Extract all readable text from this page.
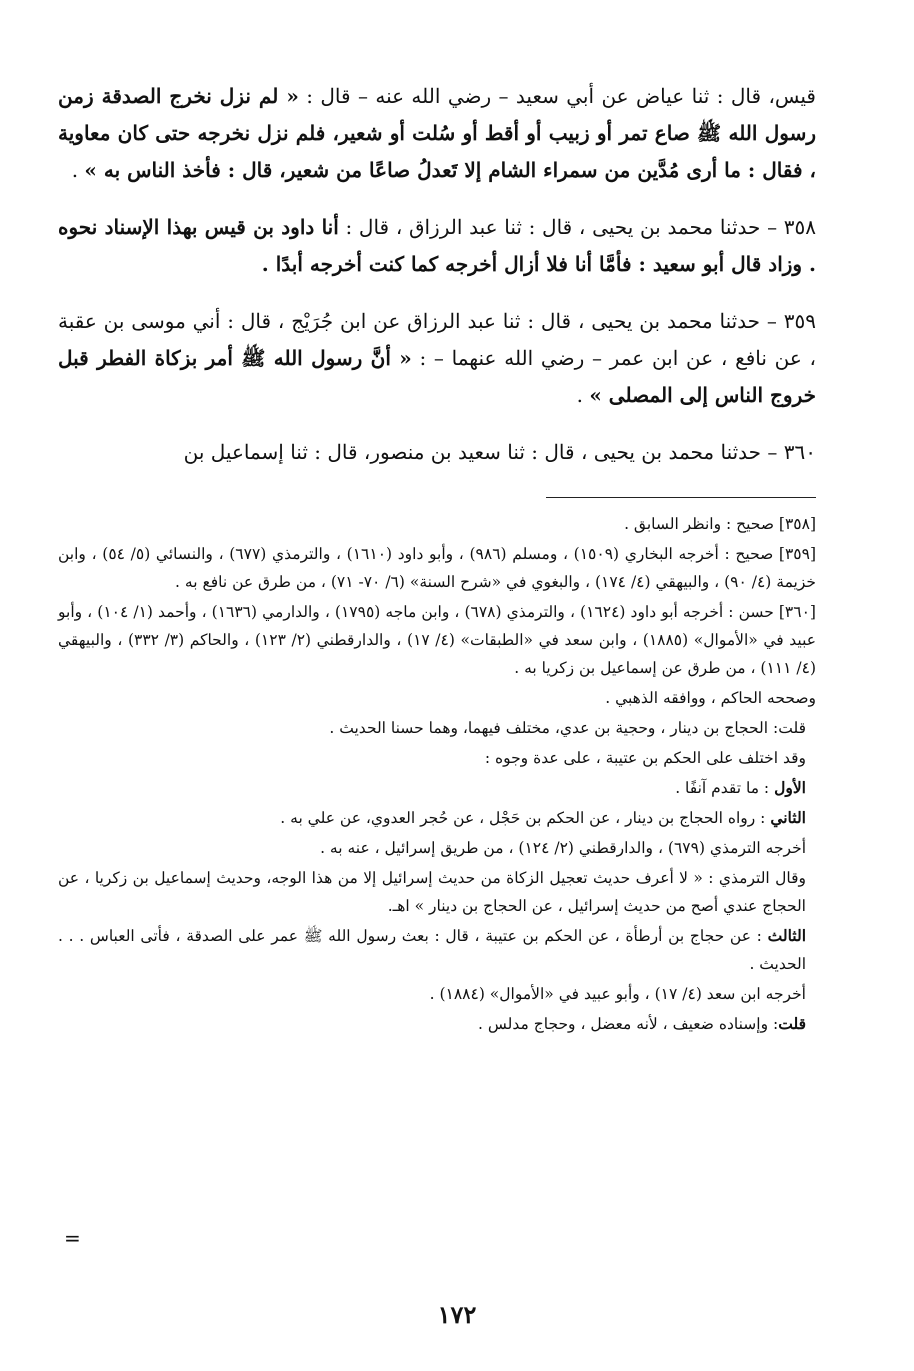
قيس، قال : ثنا عياض عن أبي سعيد – رضي الله عنه – قال : « لم نزل نخرج الصدقة زمن رسول الله ﷺ صاع تمر أو زبيب أو أقط أو سُلت أو شعير، فلم نزل نخرجه حتى كان معاوية ، فقال : ما أرى مُدَّين من سمراء الشام إلا تَعدلُ صاعًا من شعير، قال : فأخذ الناس به » .

٣٥٨ – حدثنا محمد بن يحيى ، قال : ثنا عبد الرزاق ، قال : أنا داود بن قيس بهذا الإسناد نحوه . وزاد قال أبو سعيد : فأمَّا أنا فلا أزال أخرجه كما كنت أخرجه أبدًا .

٣٥٩ – حدثنا محمد بن يحيى ، قال : ثنا عبد الرزاق عن ابن جُرَيْج ، قال : أني موسى بن عقبة ، عن نافع ، عن ابن عمر – رضي الله عنهما – : « أنَّ رسول الله ﷺ أمر بزكاة الفطر قبل خروج الناس إلى المصلى » .

٣٦٠ – حدثنا محمد بن يحيى ، قال : ثنا سعيد بن منصور، قال : ثنا إسماعيل بن

[٣٥٨] صحيح : وانظر السابق .

[٣٥٩] صحيح : أخرجه البخاري (١٥٠٩) ، ومسلم (٩٨٦) ، وأبو داود (١٦١٠) ، والترمذي (٦٧٧) ، والنسائي (٥/ ٥٤) ، وابن خزيمة (٤/ ٩٠) ، والبيهقي (٤/ ١٧٤) ، والبغوي في «شرح السنة» (٦/ ٧٠- ٧١) ، من طرق عن نافع به .

[٣٦٠] حسن : أخرجه أبو داود (١٦٢٤) ، والترمذي (٦٧٨) ، وابن ماجه (١٧٩٥) ، والدارمي (١٦٣٦) ، وأحمد (١/ ١٠٤) ، وأبو عبيد في «الأموال» (١٨٨٥) ، وابن سعد في «الطبقات» (٤/ ١٧) ، والدارقطني (٢/ ١٢٣) ، والحاكم (٣/ ٣٣٢) ، والبيهقي (٤/ ١١١) ، من طرق عن إسماعيل بن زكريا به .

وصححه الحاكم ، ووافقه الذهبي .

قلت: الحجاج بن دينار ، وحجية بن عدي، مختلف فيهما، وهما حسنا الحديث .

وقد اختلف على الحكم بن عتيبة ، على عدة وجوه :

الأول : ما تقدم آنفًا .

الثاني : رواه الحجاج بن دينار ، عن الحكم بن حَجْل ، عن حُجر العدوي، عن علي به .

أخرجه الترمذي (٦٧٩) ، والدارقطني (٢/ ١٢٤) ، من طريق إسرائيل ، عنه به .

وقال الترمذي : « لا أعرف حديث تعجيل الزكاة من حديث إسرائيل إلا من هذا الوجه، وحديث إسماعيل بن زكريا ، عن الحجاج عندي أصح من حديث إسرائيل ، عن الحجاج بن دينار » اهـ.

الثالث : عن حجاج بن أرطأة ، عن الحكم بن عتيبة ، قال : بعث رسول الله ﷺ عمر على الصدقة ، فأتى العباس . . . الحديث .

أخرجه ابن سعد (٤/ ١٧) ، وأبو عبيد في «الأموال» (١٨٨٤) .

قلت: وإسناده ضعيف ، لأنه معضل ، وحجاج مدلس .

=
١٧٢
